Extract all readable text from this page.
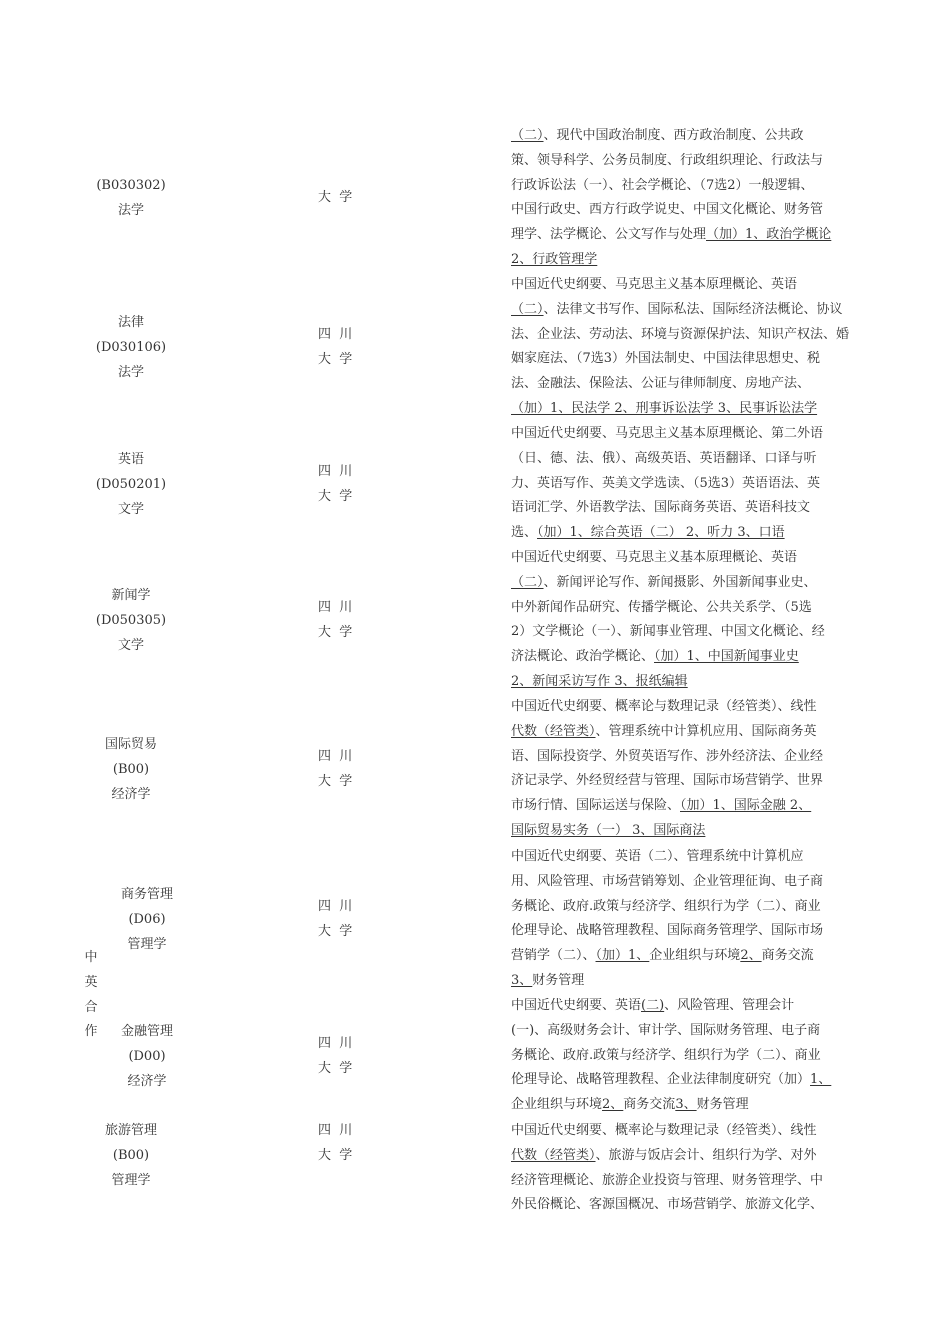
中
英
合
作
(B030302)
法学
大  学

（二）、现代中国政治制度、西方政治制度、公共政

策、领导科学、公务员制度、行政组织理论、行政法与

行政诉讼法（一）、社会学概论、（7选2）一般逻辑、

中国行政史、西方行政学说史、中国文化概论、财务管

理学、法学概论、公文写作与处理（加）1、政治学概论

2、行政管理学

法律
(D030106)
法学
四  川
大  学

中国近代史纲要、马克思主义基本原理概论、英语

（二）、法律文书写作、国际私法、国际经济法概论、协议

法、企业法、劳动法、环境与资源保护法、知识产权法、婚

姻家庭法、（7选3）外国法制史、中国法律思想史、税

法、金融法、保险法、公证与律师制度、房地产法、

（加）1、民法学 2、刑事诉讼法学 3、民事诉讼法学

英语
(D050201)
文学
四  川
大  学

中国近代史纲要、马克思主义基本原理概论、第二外语

（日、德、法、俄）、高级英语、英语翻译、口译与听

力、英语写作、英美文学选读、（5选3）英语语法、英

语词汇学、外语教学法、国际商务英语、英语科技文

选、（加）1、综合英语（二） 2、听力 3、口语

新闻学
(D050305)
文学
四  川
大  学

中国近代史纲要、马克思主义基本原理概论、英语

（二）、新闻评论写作、新闻摄影、外国新闻事业史、

中外新闻作品研究、传播学概论、公共关系学、（5选

2）文学概论（一）、新闻事业管理、中国文化概论、经

济法概论、政治学概论、（加）1、中国新闻事业史

2、新闻采访写作 3、报纸编辑

国际贸易
(B00)
经济学
四  川
大  学

中国近代史纲要、概率论与数理记录（经管类）、线性

代数（经管类）、管理系统中计算机应用、国际商务英

语、国际投资学、外贸英语写作、涉外经济法、企业经

济记录学、外经贸经营与管理、国际市场营销学、世界

市场行情、国际运送与保险、（加）1、国际金融 2、

国际贸易实务（一） 3、国际商法

商务管理
(D06)
管理学
四  川
大  学

中国近代史纲要、英语（二）、管理系统中计算机应

用、风险管理、市场营销筹划、企业管理征询、电子商

务概论、政府.政策与经济学、组织行为学（二）、商业

伦理导论、战略管理教程、国际商务管理学、国际市场

营销学（二）、（加）1、企业组织与环境2、商务交流

3、财务管理

金融管理
(D00)
经济学
四  川
大  学

中国近代史纲要、英语(二)、风险管理、管理会计

(一)、高级财务会计、审计学、国际财务管理、电子商

务概论、政府.政策与经济学、组织行为学（二）、商业

伦理导论、战略管理教程、企业法律制度研究（加）1、

企业组织与环境2、商务交流3、财务管理

旅游管理
(B00)
管理学
四  川
大  学

中国近代史纲要、概率论与数理记录（经管类）、线性

代数（经管类）、旅游与饭店会计、组织行为学、对外

经济管理概论、旅游企业投资与管理、财务管理学、中

外民俗概论、客源国概况、市场营销学、旅游文化学、
